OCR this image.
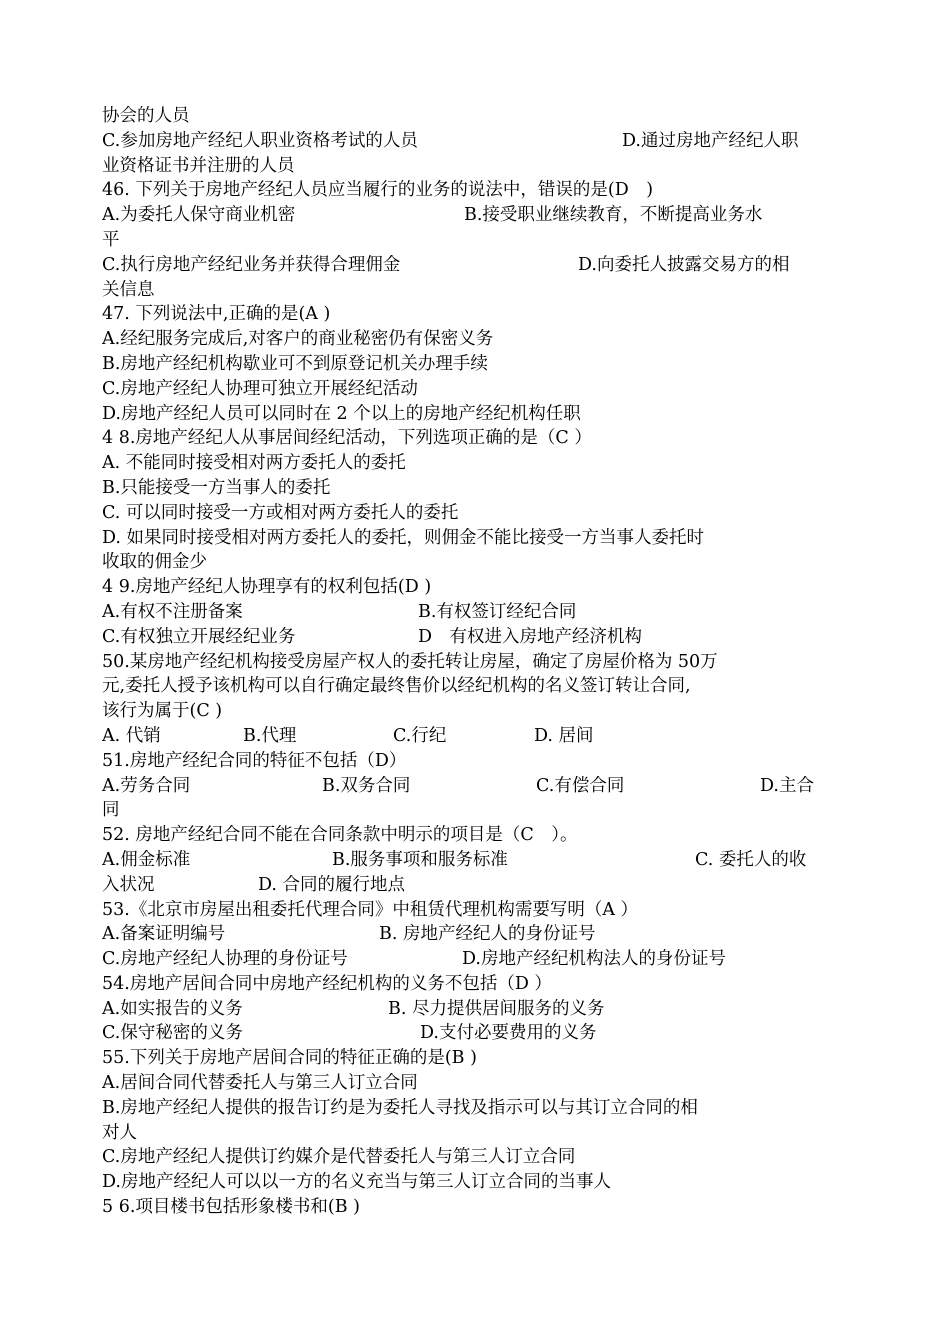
协会的人员
C.参加房地产经纪人职业资格考试的人员	D.通过房地产经纪人职
业资格证书并注册的人员
46. 下列关于房地产经纪人员应当履行的业务的说法中，错误的是(D　)
A.为委托人保守商业机密	B.接受职业继续教育，不断提高业务水
平
C.执行房地产经纪业务并获得合理佣金	D.向委托人披露交易方的相
关信息
47. 下列说法中,正确的是(A )
A.经纪服务完成后,对客户的商业秘密仍有保密义务
B.房地产经纪机构歇业可不到原登记机关办理手续
C.房地产经纪人协理可独立开展经纪活动
D.房地产经纪人员可以同时在 2 个以上的房地产经纪机构任职
4 8.房地产经纪人从事居间经纪活动，下列选项正确的是（C ）
A. 不能同时接受相对两方委托人的委托
B.只能接受一方当事人的委托
C. 可以同时接受一方或相对两方委托人的委托
D. 如果同时接受相对两方委托人的委托，则佣金不能比接受一方当事人委托时
收取的佣金少
4 9.房地产经纪人协理享有的权利包括(D )
A.有权不注册备案	B.有权签订经纪合同
C.有权独立开展经纪业务	D　有权进入房地产经济机构
50.某房地产经纪机构接受房屋产权人的委托转让房屋，确定了房屋价格为 50万
元,委托人授予该机构可以自行确定最终售价以经纪机构的名义签订转让合同,
该行为属于(C )
A. 代销	B.代理	C.行纪	D. 居间
51.房地产经纪合同的特征不包括（D）
A.劳务合同	B.双务合同	C.有偿合同	D.主合
同
52. 房地产经纪合同不能在合同条款中明示的项目是（C　）。
A.佣金标准	B.服务事项和服务标准	C. 委托人的收
入状况	D. 合同的履行地点
53.《北京市房屋出租委托代理合同》中租赁代理机构需要写明（A ）
A.备案证明编号	B. 房地产经纪人的身份证号
C.房地产经纪人协理的身份证号	D.房地产经纪机构法人的身份证号
54.房地产居间合同中房地产经纪机构的义务不包括（D ）
A.如实报告的义务	B. 尽力提供居间服务的义务
C.保守秘密的义务	D.支付必要费用的义务
55.下列关于房地产居间合同的特征正确的是(B )
A.居间合同代替委托人与第三人订立合同
B.房地产经纪人提供的报告订约是为委托人寻找及指示可以与其订立合同的相
对人
C.房地产经纪人提供订约媒介是代替委托人与第三人订立合同
D.房地产经纪人可以以一方的名义充当与第三人订立合同的当事人
5 6.项目楼书包括形象楼书和(B )
